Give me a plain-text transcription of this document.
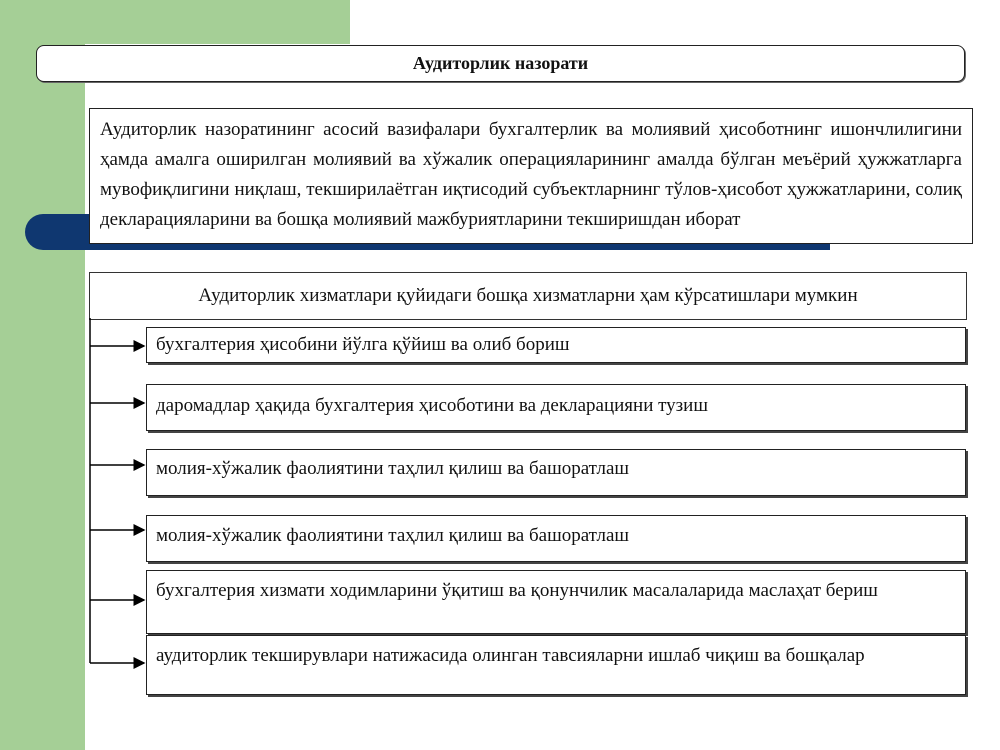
Аудиторлик назорати
Аудиторлик назоратининг асосий вазифалари бухгалтерлик ва молиявий ҳисоботнинг ишончлилигини ҳамда амалга оширилган молиявий ва хўжалик операцияларининг амалда бўлган меъёрий ҳужжатларга мувофиқлигини ниқлаш, текширилаётган иқтисодий субъектларнинг тўлов-ҳисобот ҳужжатларини, солиқ декларацияларини ва бошқа молиявий мажбуриятларини текширишдан иборат
Аудиторлик хизматлари қуйидаги бошқа хизматларни ҳам кўрсатишлари мумкин
бухгалтерия ҳисобини йўлга қўйиш ва олиб бориш
даромадлар ҳақида бухгалтерия ҳисоботини ва декларацияни тузиш
молия-хўжалик фаолиятини таҳлил қилиш ва башоратлаш
молия-хўжалик фаолиятини таҳлил қилиш ва башоратлаш
бухгалтерия хизмати ходимларини ўқитиш ва қонунчилик масалаларида маслаҳат бериш
аудиторлик текширувлари натижасида олинган тавсияларни ишлаб чиқиш ва бошқалар
